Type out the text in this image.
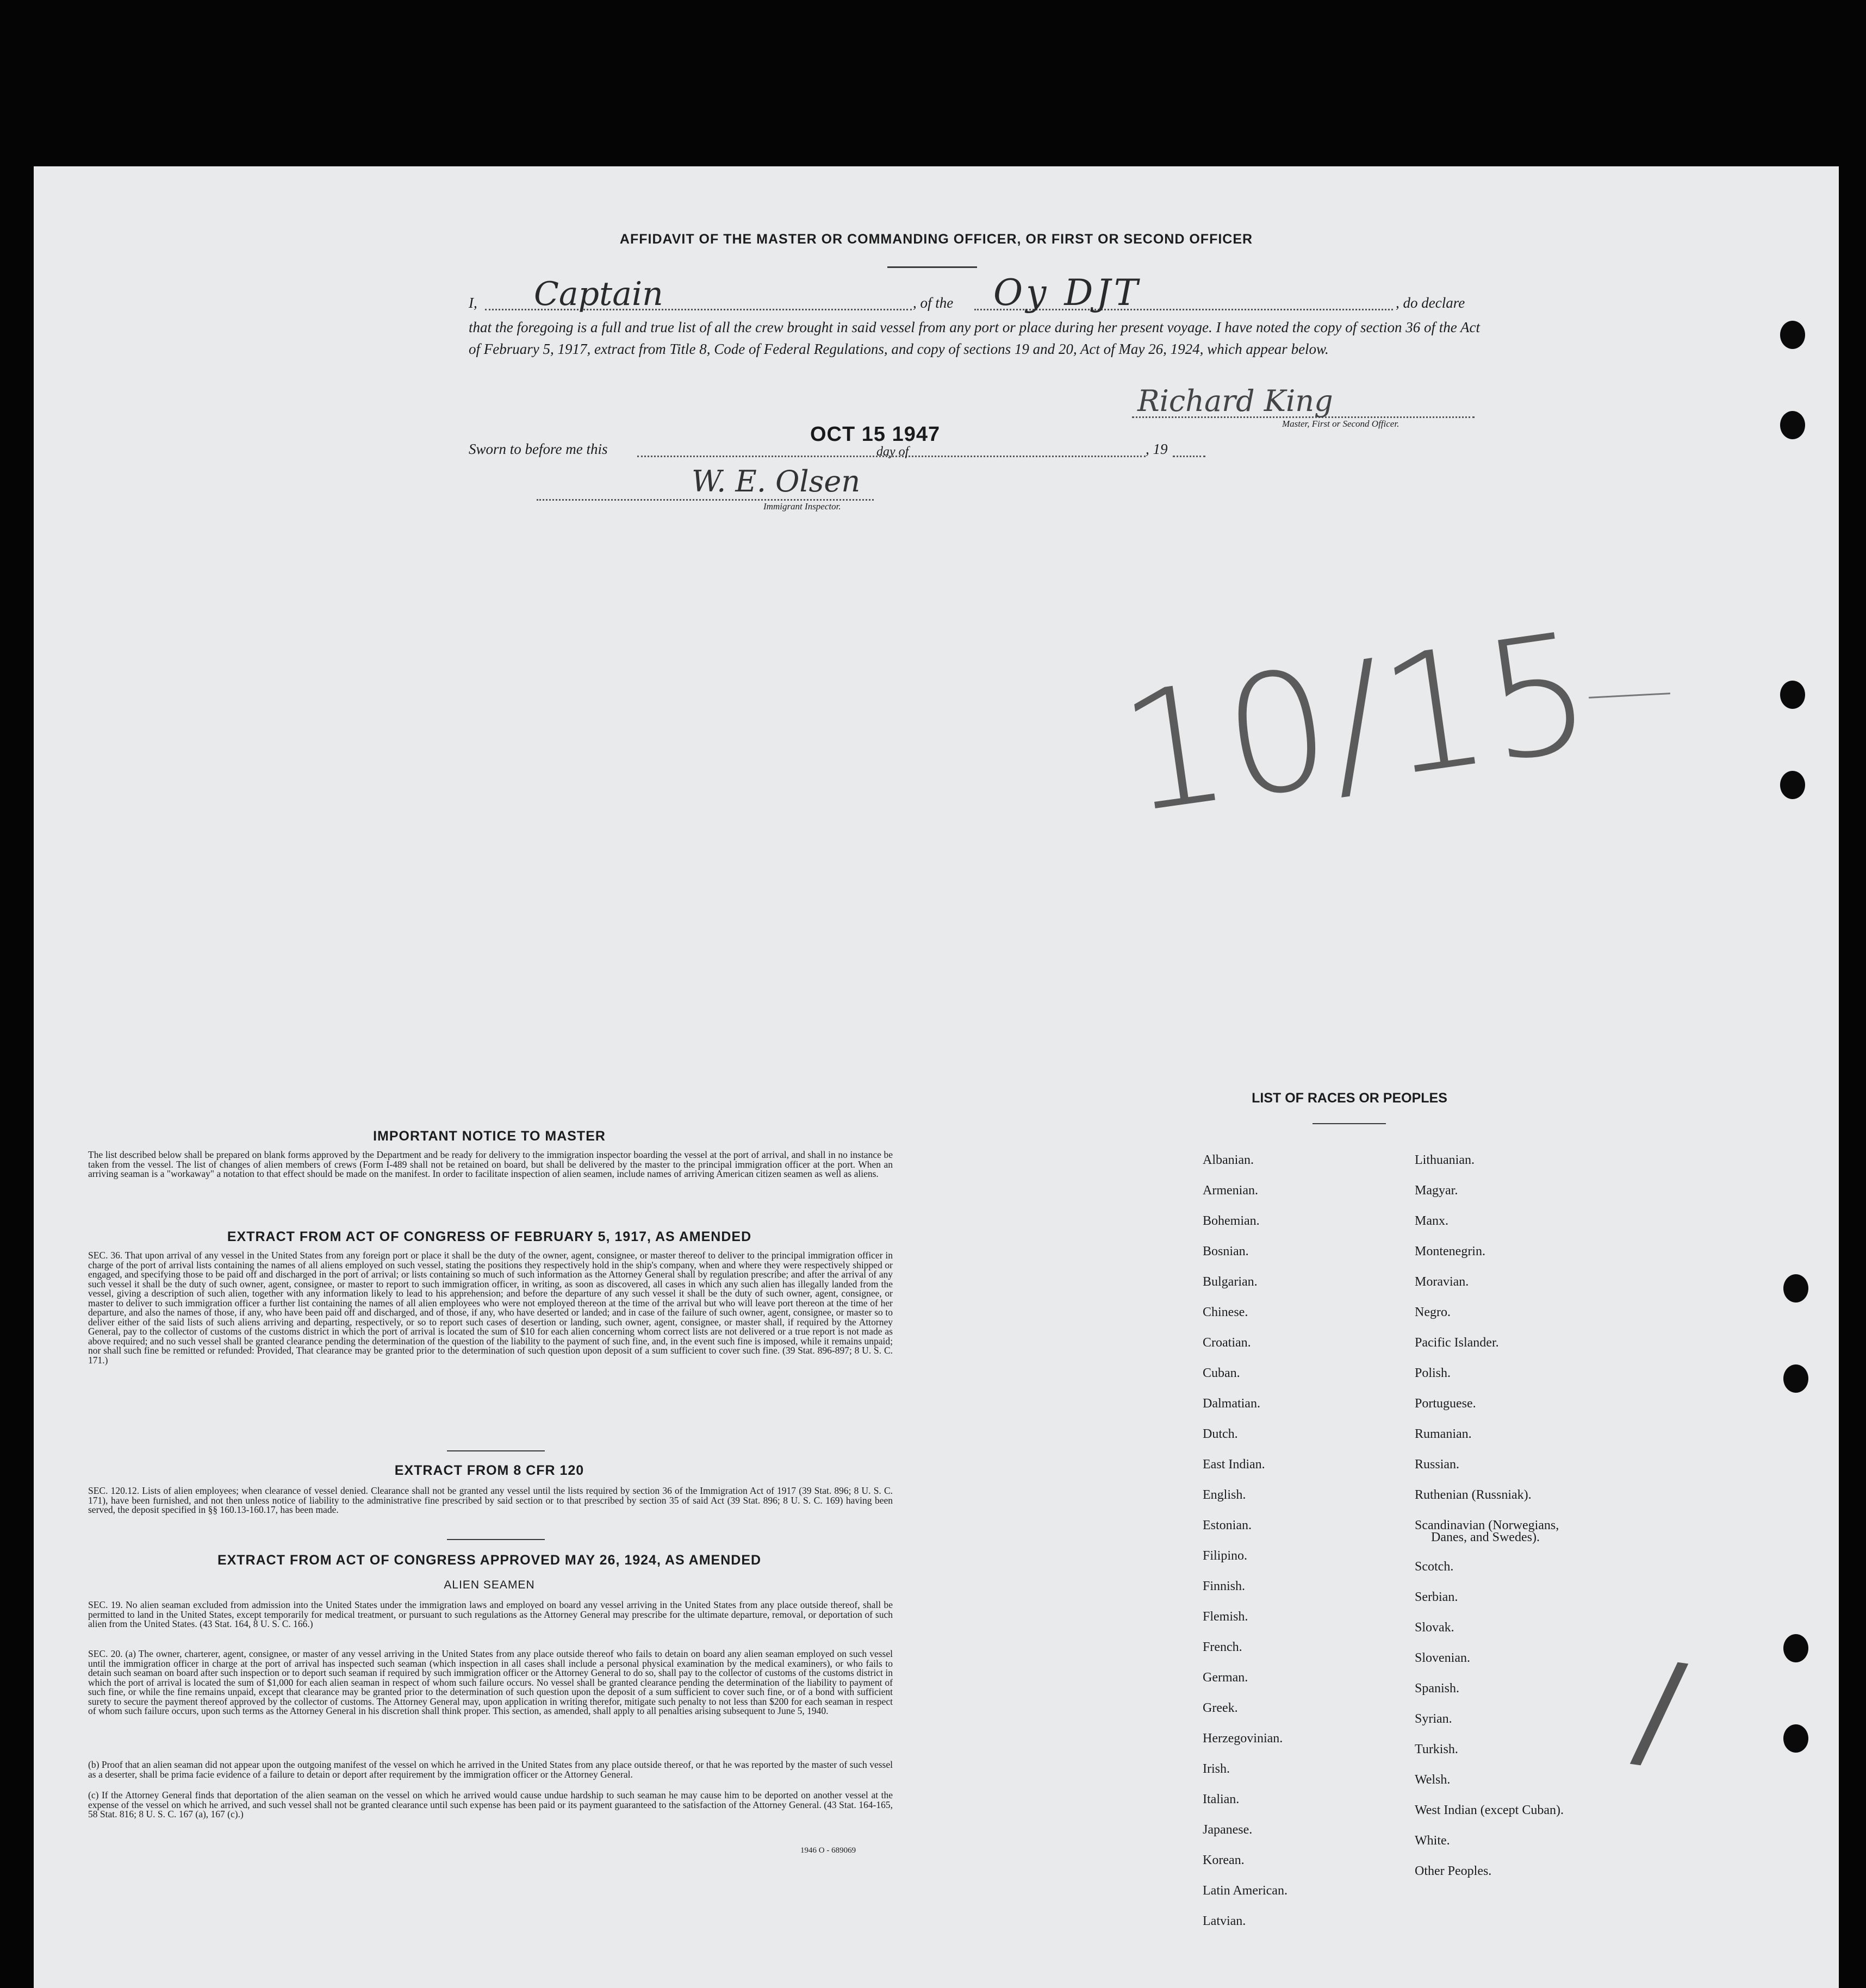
AFFIDAVIT OF THE MASTER OR COMMANDING OFFICER, OR FIRST OR SECOND OFFICER
I, Captain	, of the Oy DJT	, do declare
that the foregoing is a full and true list of all the crew brought in said vessel from any port or place during her present voyage. I have noted the copy of section 36 of the Act of February 5, 1917, extract from Title 8, Code of Federal Regulations, and copy of sections 19 and 20, Act of May 26, 1924, which appear below.
Richard King
Master, First or Second Officer.
Sworn to before me this
OCT 15 1947
day of	, 19
W. E. Olsen
Immigrant Inspector.
10/15
/
IMPORTANT NOTICE TO MASTER
The list described below shall be prepared on blank forms approved by the Department and be ready for delivery to the immigration inspector boarding the vessel at the port of arrival, and shall in no instance be taken from the vessel. The list of changes of alien members of crews (Form I-489 shall not be retained on board, but shall be delivered by the master to the principal immigration officer at the port. When an arriving seaman is a "workaway" a notation to that effect should be made on the manifest. In order to facilitate inspection of alien seamen, include names of arriving American citizen seamen as well as aliens.
EXTRACT FROM ACT OF CONGRESS OF FEBRUARY 5, 1917, AS AMENDED
SEC. 36. That upon arrival of any vessel in the United States from any foreign port or place it shall be the duty of the owner, agent, consignee, or master thereof to deliver to the principal immigration officer in charge of the port of arrival lists containing the names of all aliens employed on such vessel, stating the positions they respectively hold in the ship's company, when and where they were respectively shipped or engaged, and specifying those to be paid off and discharged in the port of arrival; or lists containing so much of such information as the Attorney General shall by regulation prescribe; and after the arrival of any such vessel it shall be the duty of such owner, agent, consignee, or master to report to such immigration officer, in writing, as soon as discovered, all cases in which any such alien has illegally landed from the vessel, giving a description of such alien, together with any information likely to lead to his apprehension; and before the departure of any such vessel it shall be the duty of such owner, agent, consignee, or master to deliver to such immigration officer a further list containing the names of all alien employees who were not employed thereon at the time of the arrival but who will leave port thereon at the time of her departure, and also the names of those, if any, who have been paid off and discharged, and of those, if any, who have deserted or landed; and in case of the failure of such owner, agent, consignee, or master so to deliver either of the said lists of such aliens arriving and departing, respectively, or so to report such cases of desertion or landing, such owner, agent, consignee, or master shall, if required by the Attorney General, pay to the collector of customs of the customs district in which the port of arrival is located the sum of $10 for each alien concerning whom correct lists are not delivered or a true report is not made as above required; and no such vessel shall be granted clearance pending the determination of the question of the liability to the payment of such fine, and, in the event such fine is imposed, while it remains unpaid; nor shall such fine be remitted or refunded: Provided, That clearance may be granted prior to the determination of such question upon deposit of a sum sufficient to cover such fine. (39 Stat. 896-897; 8 U. S. C. 171.)
EXTRACT FROM 8 CFR 120
SEC. 120.12. Lists of alien employees; when clearance of vessel denied. Clearance shall not be granted any vessel until the lists required by section 36 of the Immigration Act of 1917 (39 Stat. 896; 8 U. S. C. 171), have been furnished, and not then unless notice of liability to the administrative fine prescribed by said section or to that prescribed by section 35 of said Act (39 Stat. 896; 8 U. S. C. 169) having been served, the deposit specified in §§ 160.13-160.17, has been made.
EXTRACT FROM ACT OF CONGRESS APPROVED MAY 26, 1924, AS AMENDED
ALIEN SEAMEN
SEC. 19. No alien seaman excluded from admission into the United States under the immigration laws and employed on board any vessel arriving in the United States from any place outside thereof, shall be permitted to land in the United States, except temporarily for medical treatment, or pursuant to such regulations as the Attorney General may prescribe for the ultimate departure, removal, or deportation of such alien from the United States. (43 Stat. 164, 8 U. S. C. 166.)
SEC. 20. (a) The owner, charterer, agent, consignee, or master of any vessel arriving in the United States from any place outside thereof who fails to detain on board any alien seaman employed on such vessel until the immigration officer in charge at the port of arrival has inspected such seaman (which inspection in all cases shall include a personal physical examination by the medical examiners), or who fails to detain such seaman on board after such inspection or to deport such seaman if required by such immigration officer or the Attorney General to do so, shall pay to the collector of customs of the customs district in which the port of arrival is located the sum of $1,000 for each alien seaman in respect of whom such failure occurs. No vessel shall be granted clearance pending the determination of the liability to payment of such fine, or while the fine remains unpaid, except that clearance may be granted prior to the determination of such question upon the deposit of a sum sufficient to cover such fine, or of a bond with sufficient surety to secure the payment thereof approved by the collector of customs. The Attorney General may, upon application in writing therefor, mitigate such penalty to not less than $200 for each seaman in respect of whom such failure occurs, upon such terms as the Attorney General in his discretion shall think proper. This section, as amended, shall apply to all penalties arising subsequent to June 5, 1940.
(b) Proof that an alien seaman did not appear upon the outgoing manifest of the vessel on which he arrived in the United States from any place outside thereof, or that he was reported by the master of such vessel as a deserter, shall be prima facie evidence of a failure to detain or deport after requirement by the immigration officer or the Attorney General.
(c) If the Attorney General finds that deportation of the alien seaman on the vessel on which he arrived would cause undue hardship to such seaman he may cause him to be deported on another vessel at the expense of the vessel on which he arrived, and such vessel shall not be granted clearance until such expense has been paid or its payment guaranteed to the satisfaction of the Attorney General. (43 Stat. 164-165, 58 Stat. 816; 8 U. S. C. 167 (a), 167 (c).)
1946 O - 689069
LIST OF RACES OR PEOPLES
Albanian.
Armenian.
Bohemian.
Bosnian.
Bulgarian.
Chinese.
Croatian.
Cuban.
Dalmatian.
Dutch.
East Indian.
English.
Estonian.
Filipino.
Finnish.
Flemish.
French.
German.
Greek.
Herzegovinian.
Irish.
Italian.
Japanese.
Korean.
Latin American.
Latvian.
Lithuanian.
Magyar.
Manx.
Montenegrin.
Moravian.
Negro.
Pacific Islander.
Polish.
Portuguese.
Rumanian.
Russian.
Ruthenian (Russniak).
Scandinavian (Norwegians,
Danes, and Swedes).
Scotch.
Serbian.
Slovak.
Slovenian.
Spanish.
Syrian.
Turkish.
Welsh.
West Indian (except Cuban).
White.
Other Peoples.
